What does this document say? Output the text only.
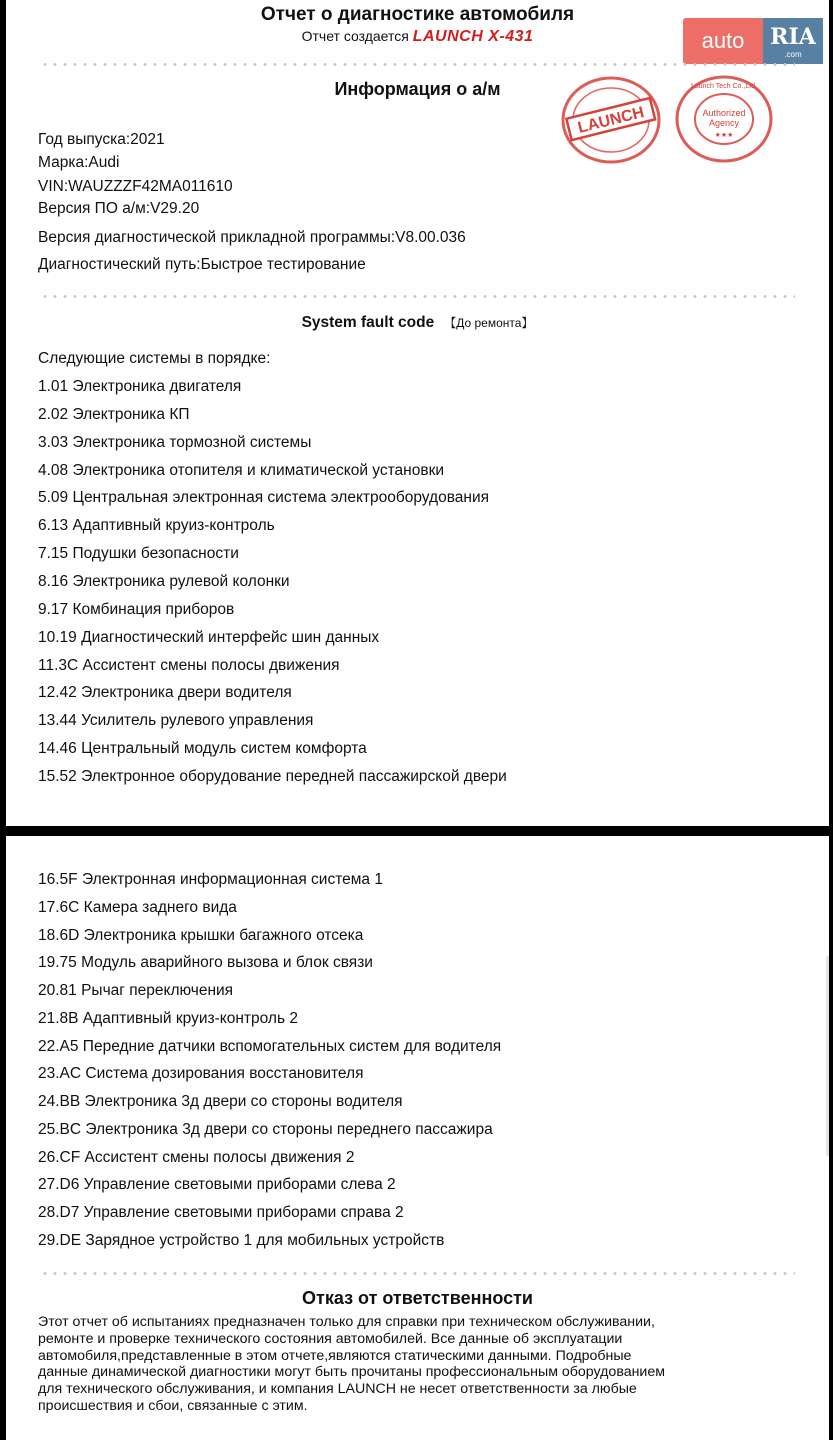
Отчет о диагностике автомобиля
Отчет создается LAUNCH X-431	auto	RIA
.com
Информация о а/м
LAUNCH	Authorized
Agency
★★★
Launch Tech Co.,Ltd.
Год выпуска:2021
Марка:Audi
VIN:WAUZZZF42MA011610
Версия ПО а/м:V29.20
Версия диагностической прикладной программы:V8.00.036
Диагностический путь:Быстрое тестирование
System fault code 【До ремонта】
Следующие системы в порядке:
1.01 Электроника двигателя
2.02 Электроника КП
3.03 Электроника тормозной системы
4.08 Электроника отопителя и климатической установки
5.09 Центральная электронная система электрооборудования
6.13 Адаптивный круиз-контроль
7.15 Подушки безопасности
8.16 Электроника рулевой колонки
9.17 Комбинация приборов
10.19 Диагностический интерфейс шин данных
11.3C Ассистент смены полосы движения
12.42 Электроника двери водителя
13.44 Усилитель рулевого управления
14.46 Центральный модуль систем комфорта
15.52 Электронное оборудование передней пассажирской двери
16.5F Электронная информационная система 1
17.6C Камера заднего вида
18.6D Электроника крышки багажного отсека
19.75 Модуль аварийного вызова и блок связи
20.81 Рычаг переключения
21.8B Адаптивный круиз-контроль 2
22.A5 Передние датчики вспомогательных систем для водителя
23.AC Система дозирования восстановителя
24.BB Электроника 3д двери со стороны водителя
25.BC Электроника 3д двери со стороны переднего пассажира
26.CF Ассистент смены полосы движения 2
27.D6 Управление световыми приборами слева 2
28.D7 Управление световыми приборами справа 2
29.DE Зарядное устройство 1 для мобильных устройств
Отказ от ответственности
Этот отчет об испытаниях предназначен только для справки при техническом обслуживании,
ремонте и проверке технического состояния автомобилей. Все данные об эксплуатации
автомобиля,представленные в этом отчете,являются статическими данными. Подробные
данные динамической диагностики могут быть прочитаны профессиональным оборудованием
для технического обслуживания, и компания LAUNCH не несет ответственности за любые
происшествия и сбои, связанные с этим.
